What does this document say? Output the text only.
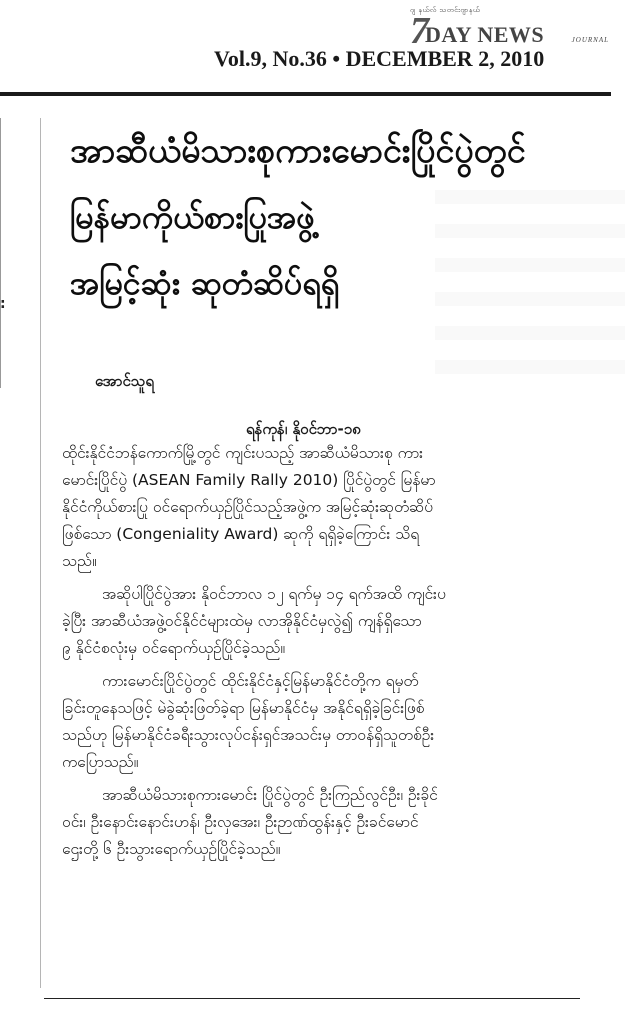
ဂျ နယ်လ် သတင်းဂျာနယ်
7
DAY NEWS	JOURNAL
Vol.9, No.36 • DECEMBER 2, 2010
:
အာဆီယံမိသားစုကားမောင်းပြိုင်ပွဲတွင်
မြန်မာကိုယ်စားပြုအဖွဲ့
အမြင့်ဆုံး ဆုတံဆိပ်ရရှိ
အောင်သူရ
ရန်ကုန်၊ နိုဝင်ဘာ-၁၈

ထိုင်းနိုင်ငံဘန်ကောက်မြို့တွင် ကျင်းပသည့် အာဆီယံမိသားစု ကား
မောင်းပြိုင်ပွဲ (ASEAN Family Rally 2010) ပြိုင်ပွဲတွင် မြန်မာ
နိုင်ငံကိုယ်စားပြု ဝင်ရောက်ယှဉ်ပြိုင်သည့်အဖွဲ့က အမြင့်ဆုံးဆုတံဆိပ်
ဖြစ်သော (Congeniality Award) ဆုကို ရရှိခဲ့ကြောင်း သိရ
သည်။

အဆိုပါပြိုင်ပွဲအား နိုဝင်ဘာလ ၁၂ ရက်မှ ၁၄ ရက်အထိ ကျင်းပ
ခဲ့ပြီး အာဆီယံအဖွဲ့ဝင်နိုင်ငံများထဲမှ လာအိုနိုင်ငံမှလွဲ၍ ကျန်ရှိသော
၉ နိုင်ငံစလုံးမှ ဝင်ရောက်ယှဉ်ပြိုင်ခဲ့သည်။

ကားမောင်းပြိုင်ပွဲတွင် ထိုင်းနိုင်ငံနှင့်မြန်မာနိုင်ငံတို့က ရမှတ်
ခြင်းတူနေသဖြင့် မဲခွဲဆုံးဖြတ်ခဲ့ရာ မြန်မာနိုင်ငံမှ အနိုင်ရရှိခဲ့ခြင်းဖြစ်
သည်ဟု မြန်မာနိုင်ငံခရီးသွားလုပ်ငန်းရှင်အသင်းမှ တာဝန်ရှိသူတစ်ဦး
ကပြောသည်။

အာဆီယံမိသားစုကားမောင်း ပြိုင်ပွဲတွင် ဦးကြည်လွင်ဦး၊ ဦးခိုင်
ဝင်း၊ ဦးနောင်းနောင်းဟန်၊ ဦးလှအေး၊ ဦးဉာဏ်ထွန်းနှင့် ဦးခင်မောင်
ဌေးတို့ ၆ ဦးသွားရောက်ယှဉ်ပြိုင်ခဲ့သည်။
